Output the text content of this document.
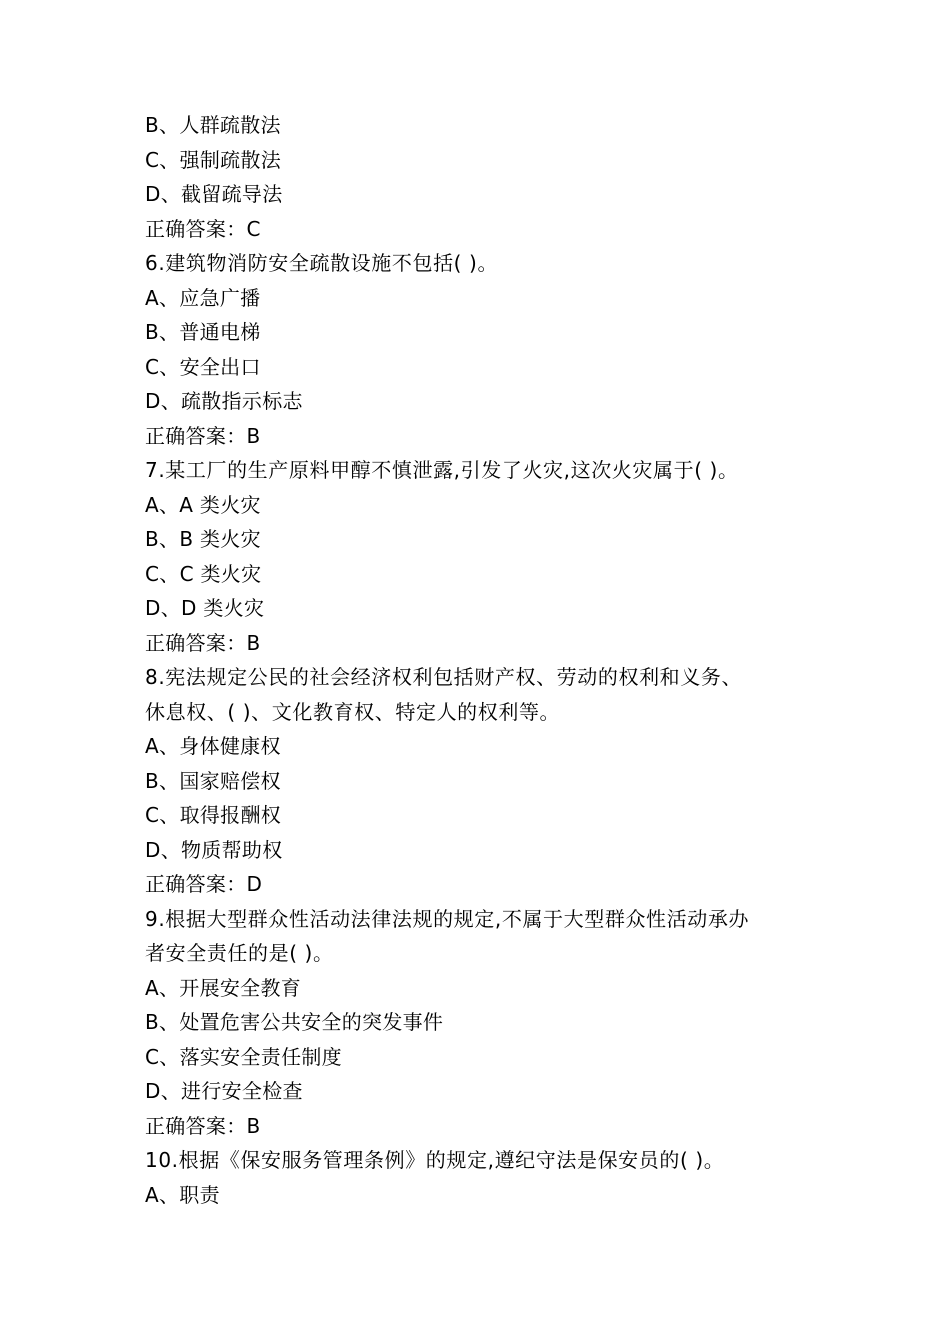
B、人群疏散法
C、强制疏散法
D、截留疏导法
正确答案：C
6.建筑物消防安全疏散设施不包括( )。
A、应急广播
B、普通电梯
C、安全出口
D、疏散指示标志
正确答案：B
7.某工厂的生产原料甲醇不慎泄露,引发了火灾,这次火灾属于( )。
A、A 类火灾
B、B 类火灾
C、C 类火灾
D、D 类火灾
正确答案：B
8.宪法规定公民的社会经济权利包括财产权、劳动的权利和义务、
休息权、( )、文化教育权、特定人的权利等。
A、身体健康权
B、国家赔偿权
C、取得报酬权
D、物质帮助权
正确答案：D
9.根据大型群众性活动法律法规的规定,不属于大型群众性活动承办
者安全责任的是( )。
A、开展安全教育
B、处置危害公共安全的突发事件
C、落实安全责任制度
D、进行安全检查
正确答案：B
10.根据《保安服务管理条例》的规定,遵纪守法是保安员的( )。
A、职责
